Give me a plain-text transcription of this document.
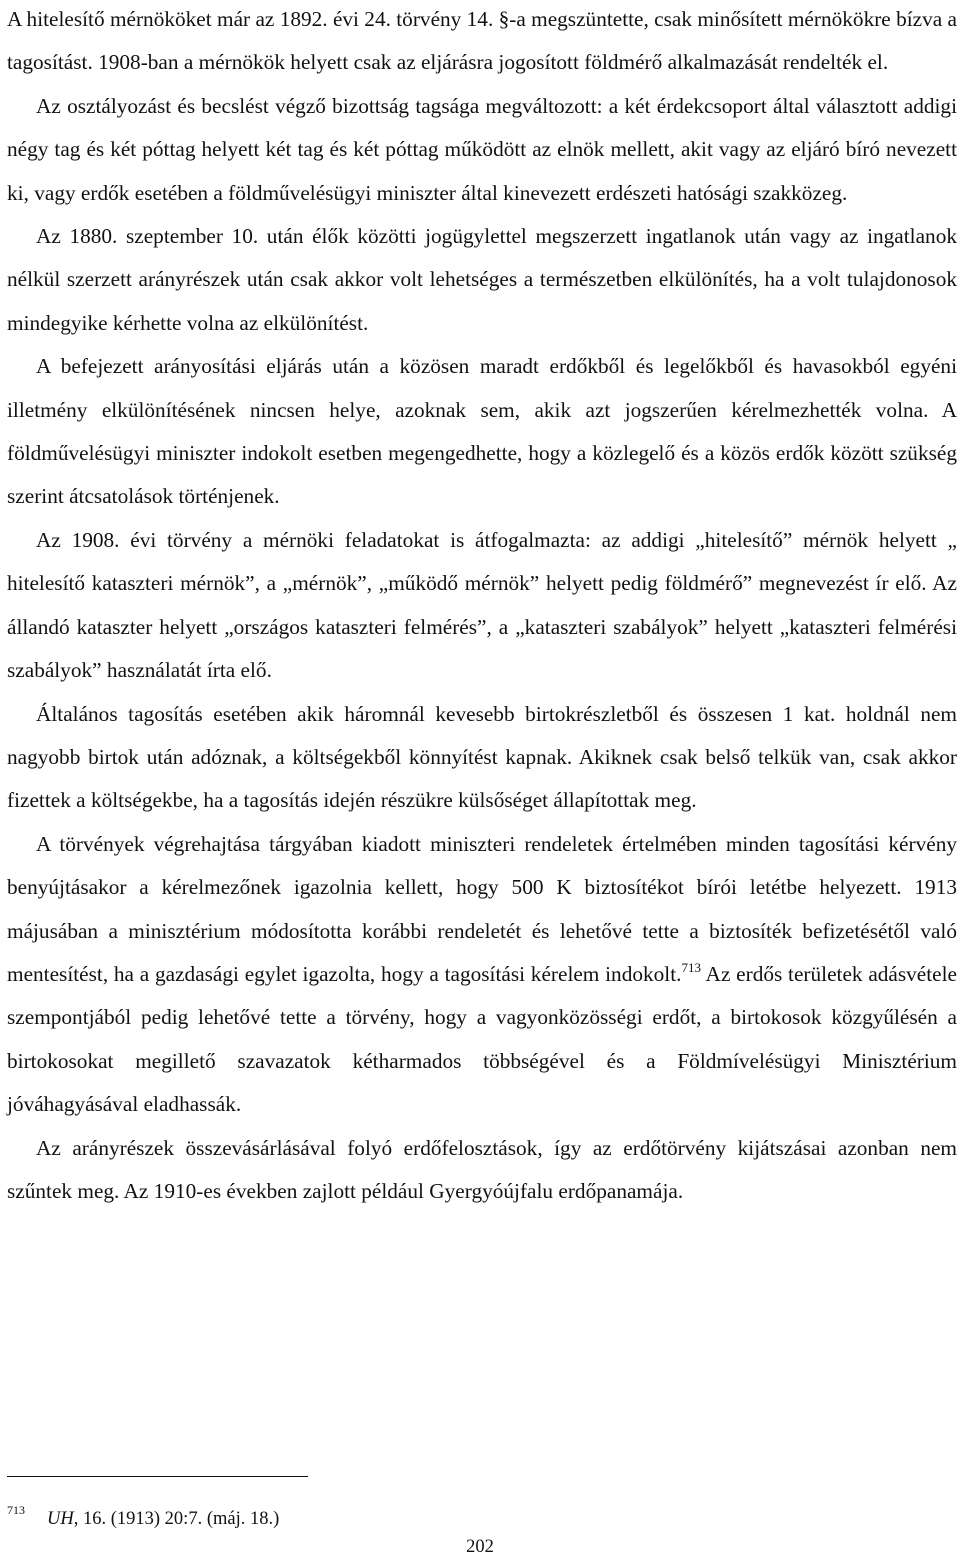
A hitelesítő mérnököket már az 1892. évi 24. törvény 14. §-a megszüntette, csak minősített mérnökökre bízva a tagosítást. 1908-ban a mérnökök helyett csak az eljárásra jogosított földmérő alkalmazását rendelték el.

Az osztályozást és becslést végző bizottság tagsága megváltozott: a két érdekcsoport által választott addigi négy tag és két póttag helyett két tag és két póttag működött az elnök mellett, akit vagy az eljáró bíró nevezett ki, vagy erdők esetében a földművelésügyi miniszter által kinevezett erdészeti hatósági szakközeg.

Az 1880. szeptember 10. után élők közötti jogügylettel megszerzett ingatlanok után vagy az ingatlanok nélkül szerzett arányrészek után csak akkor volt lehetséges a természetben elkülönítés, ha a volt tulajdonosok mindegyike kérhette volna az elkülönítést.

A befejezett arányosítási eljárás után a közösen maradt erdőkből és legelőkből és havasokból egyéni illetmény elkülönítésének nincsen helye, azoknak sem, akik azt jogszerűen kérelmezhették volna. A földművelésügyi miniszter indokolt esetben megengedhette, hogy a közlegelő és a közös erdők között szükség szerint átcsatolások történjenek.

Az 1908. évi törvény a mérnöki feladatokat is átfogalmazta: az addigi „hitelesítő” mérnök helyett „ hitelesítő kataszteri mérnök”, a „mérnök”, „működő mérnök” helyett pedig földmérő” megnevezést ír elő. Az állandó kataszter helyett „országos kataszteri felmérés”, a „kataszteri szabályok” helyett „kataszteri felmérési szabályok” használatát írta elő.

Általános tagosítás esetében akik háromnál kevesebb birtokrészletből és összesen 1 kat. holdnál nem nagyobb birtok után adóznak, a költségekből könnyítést kapnak. Akiknek csak belső telkük van, csak akkor fizettek a költségekbe, ha a tagosítás idején részükre külsőséget állapítottak meg.

A törvények végrehajtása tárgyában kiadott miniszteri rendeletek értelmében minden tagosítási kérvény benyújtásakor a kérelmezőnek igazolnia kellett, hogy 500 K biztosítékot bírói letétbe helyezett. 1913 májusában a minisztérium módosította korábbi rendeletét és lehetővé tette a biztosíték befizetésétől való mentesítést, ha a gazdasági egylet igazolta, hogy a tagosítási kérelem indokolt.$^{713}$ Az erdős területek adásvétele szempontjából pedig lehetővé tette a törvény, hogy a vagyonközösségi erdőt, a birtokosok közgyűlésén a birtokosokat megillető szavazatok kétharmados többségével és a Földmívelésügyi Minisztérium jóváhagyásával eladhassák.

Az arányrészek összevásárlásával folyó erdőfelosztások, így az erdőtörvény kijátszásai azonban nem szűntek meg. Az 1910-es években zajlott például Gyergyóújfalu erdőpanamája.

713 UH, 16. (1913) 20:7. (máj. 18.)
202
